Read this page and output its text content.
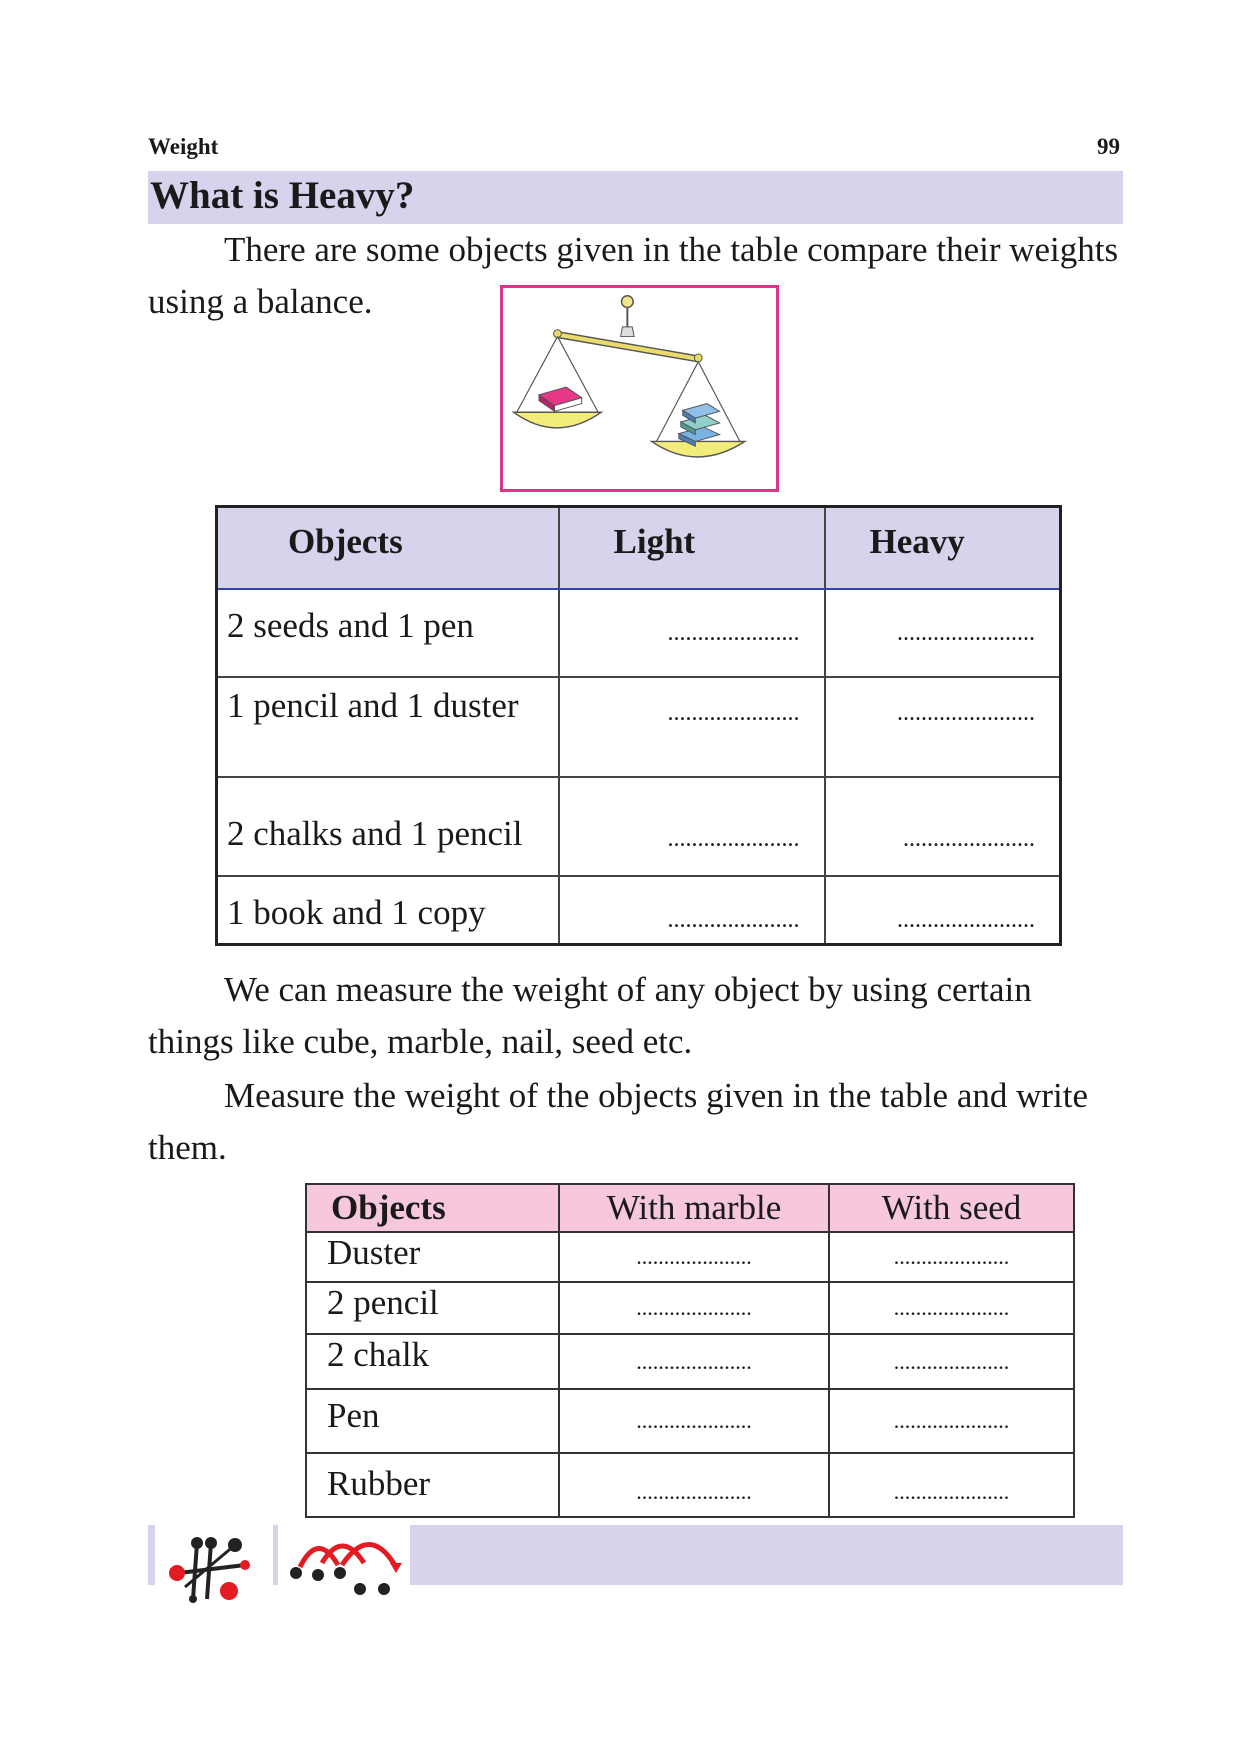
Weight	99
What is Heavy?

There are some objects given in the table compare their weights using a balance.

Objects	Light	Heavy
2 seeds and 1 pen	......................	.......................
1 pencil and 1 duster	......................	.......................
2 chalks and 1 pencil	......................	......................
1 book and 1 copy	......................	.......................

We can measure the weight of any object by using certain things like cube, marble, nail, seed etc.

Measure the weight of the objects given in the table and write them.

Objects	With marble	With seed
Duster	.....................	.....................
2 pencil	.....................	.....................
2 chalk	.....................	.....................
Pen	.....................	.....................
Rubber	.....................	.....................
